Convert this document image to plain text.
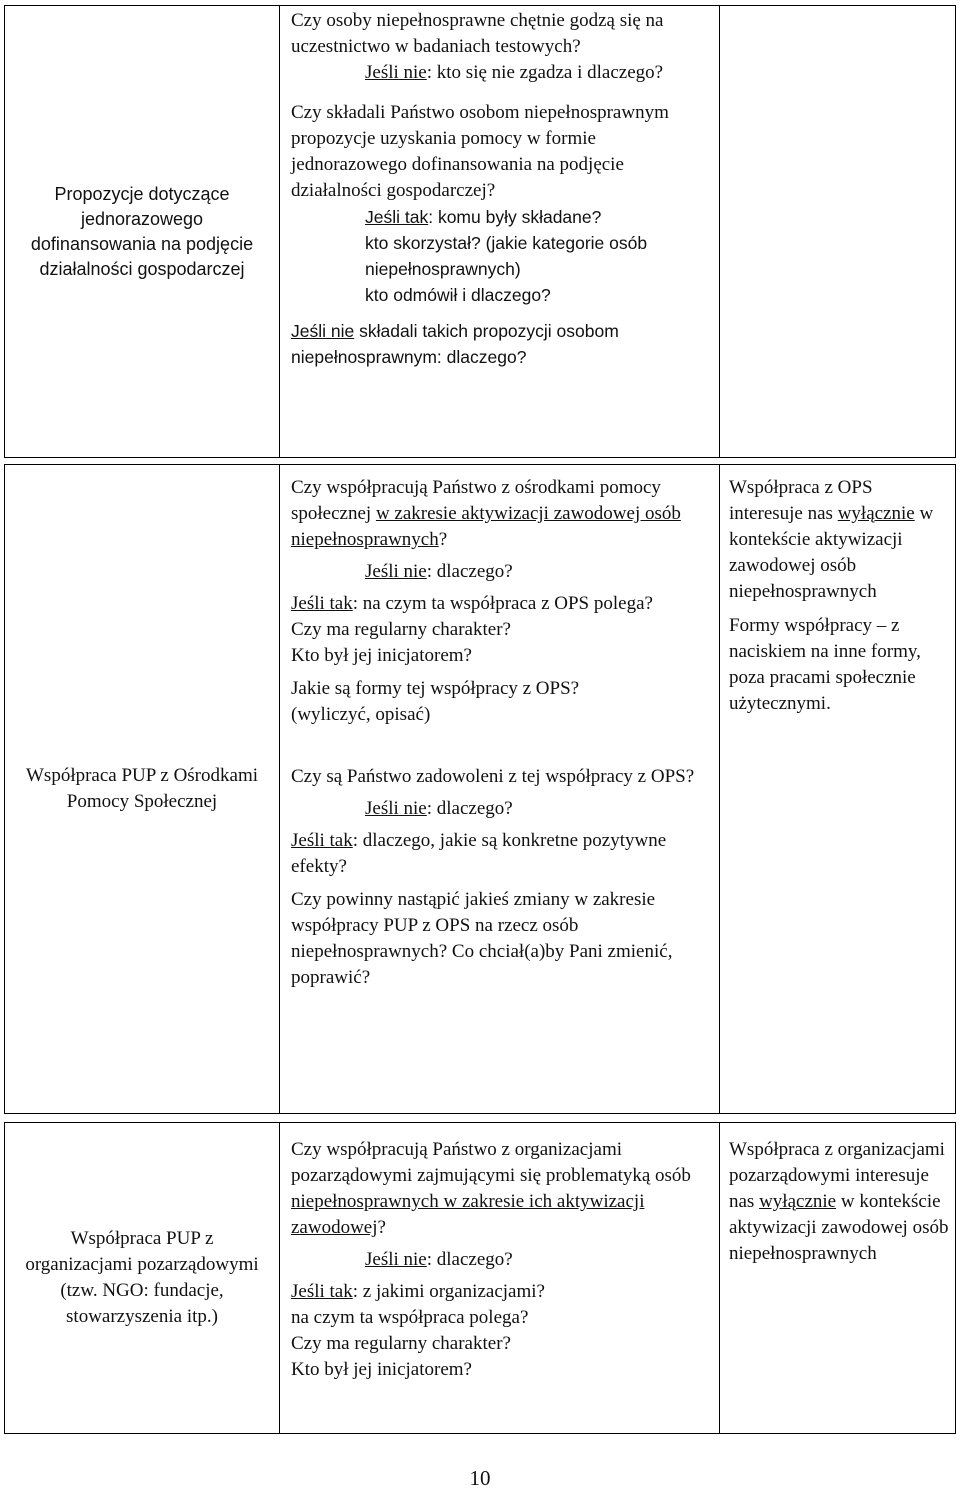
Propozycje dotyczące jednorazowego dofinansowania na podjęcie działalności gospodarczej

Czy osoby niepełnosprawne chętnie godzą się na uczestnictwo w badaniach testowych?

Jeśli nie: kto się nie zgadza i dlaczego?

Czy składali Państwo osobom niepełnosprawnym propozycje uzyskania pomocy w formie jednorazowego dofinansowania na podjęcie działalności gospodarczej?

Jeśli tak: komu były składane?

kto skorzystał? (jakie kategorie osób niepełnosprawnych)

kto odmówił i dlaczego?

Jeśli nie składali takich propozycji osobom niepełnosprawnym: dlaczego?

Współpraca PUP z Ośrodkami Pomocy Społecznej

Czy współpracują Państwo z ośrodkami pomocy społecznej w zakresie aktywizacji zawodowej osób niepełnosprawnych?

Jeśli nie: dlaczego?

Jeśli tak: na czym ta współpraca z OPS polega?

Czy ma regularny charakter?

Kto był jej inicjatorem?

Jakie są formy tej współpracy z OPS?

(wyliczyć, opisać)

Czy są Państwo zadowoleni z tej współpracy z OPS?

Jeśli nie: dlaczego?

Jeśli tak: dlaczego, jakie są konkretne pozytywne efekty?

Czy powinny nastąpić jakieś zmiany w zakresie współpracy PUP z OPS na rzecz osób niepełnosprawnych? Co chciał(a)by Pani zmienić, poprawić?

Współpraca z OPS interesuje nas wyłącznie w kontekście aktywizacji zawodowej osób niepełnosprawnych

Formy współpracy – z naciskiem na inne formy, poza pracami społecznie użytecznymi.

Współpraca PUP z organizacjami pozarządowymi (tzw. NGO: fundacje, stowarzyszenia itp.)

Czy współpracują Państwo z organizacjami pozarządowymi zajmującymi się problematyką osób niepełnosprawnych w zakresie ich aktywizacji zawodowej?

Jeśli nie: dlaczego?

Jeśli tak: z jakimi organizacjami?

na czym ta współpraca polega?

Czy ma regularny charakter?

Kto był jej inicjatorem?

Współpraca z organizacjami pozarządowymi interesuje nas wyłącznie w kontekście aktywizacji zawodowej osób niepełnosprawnych

10
